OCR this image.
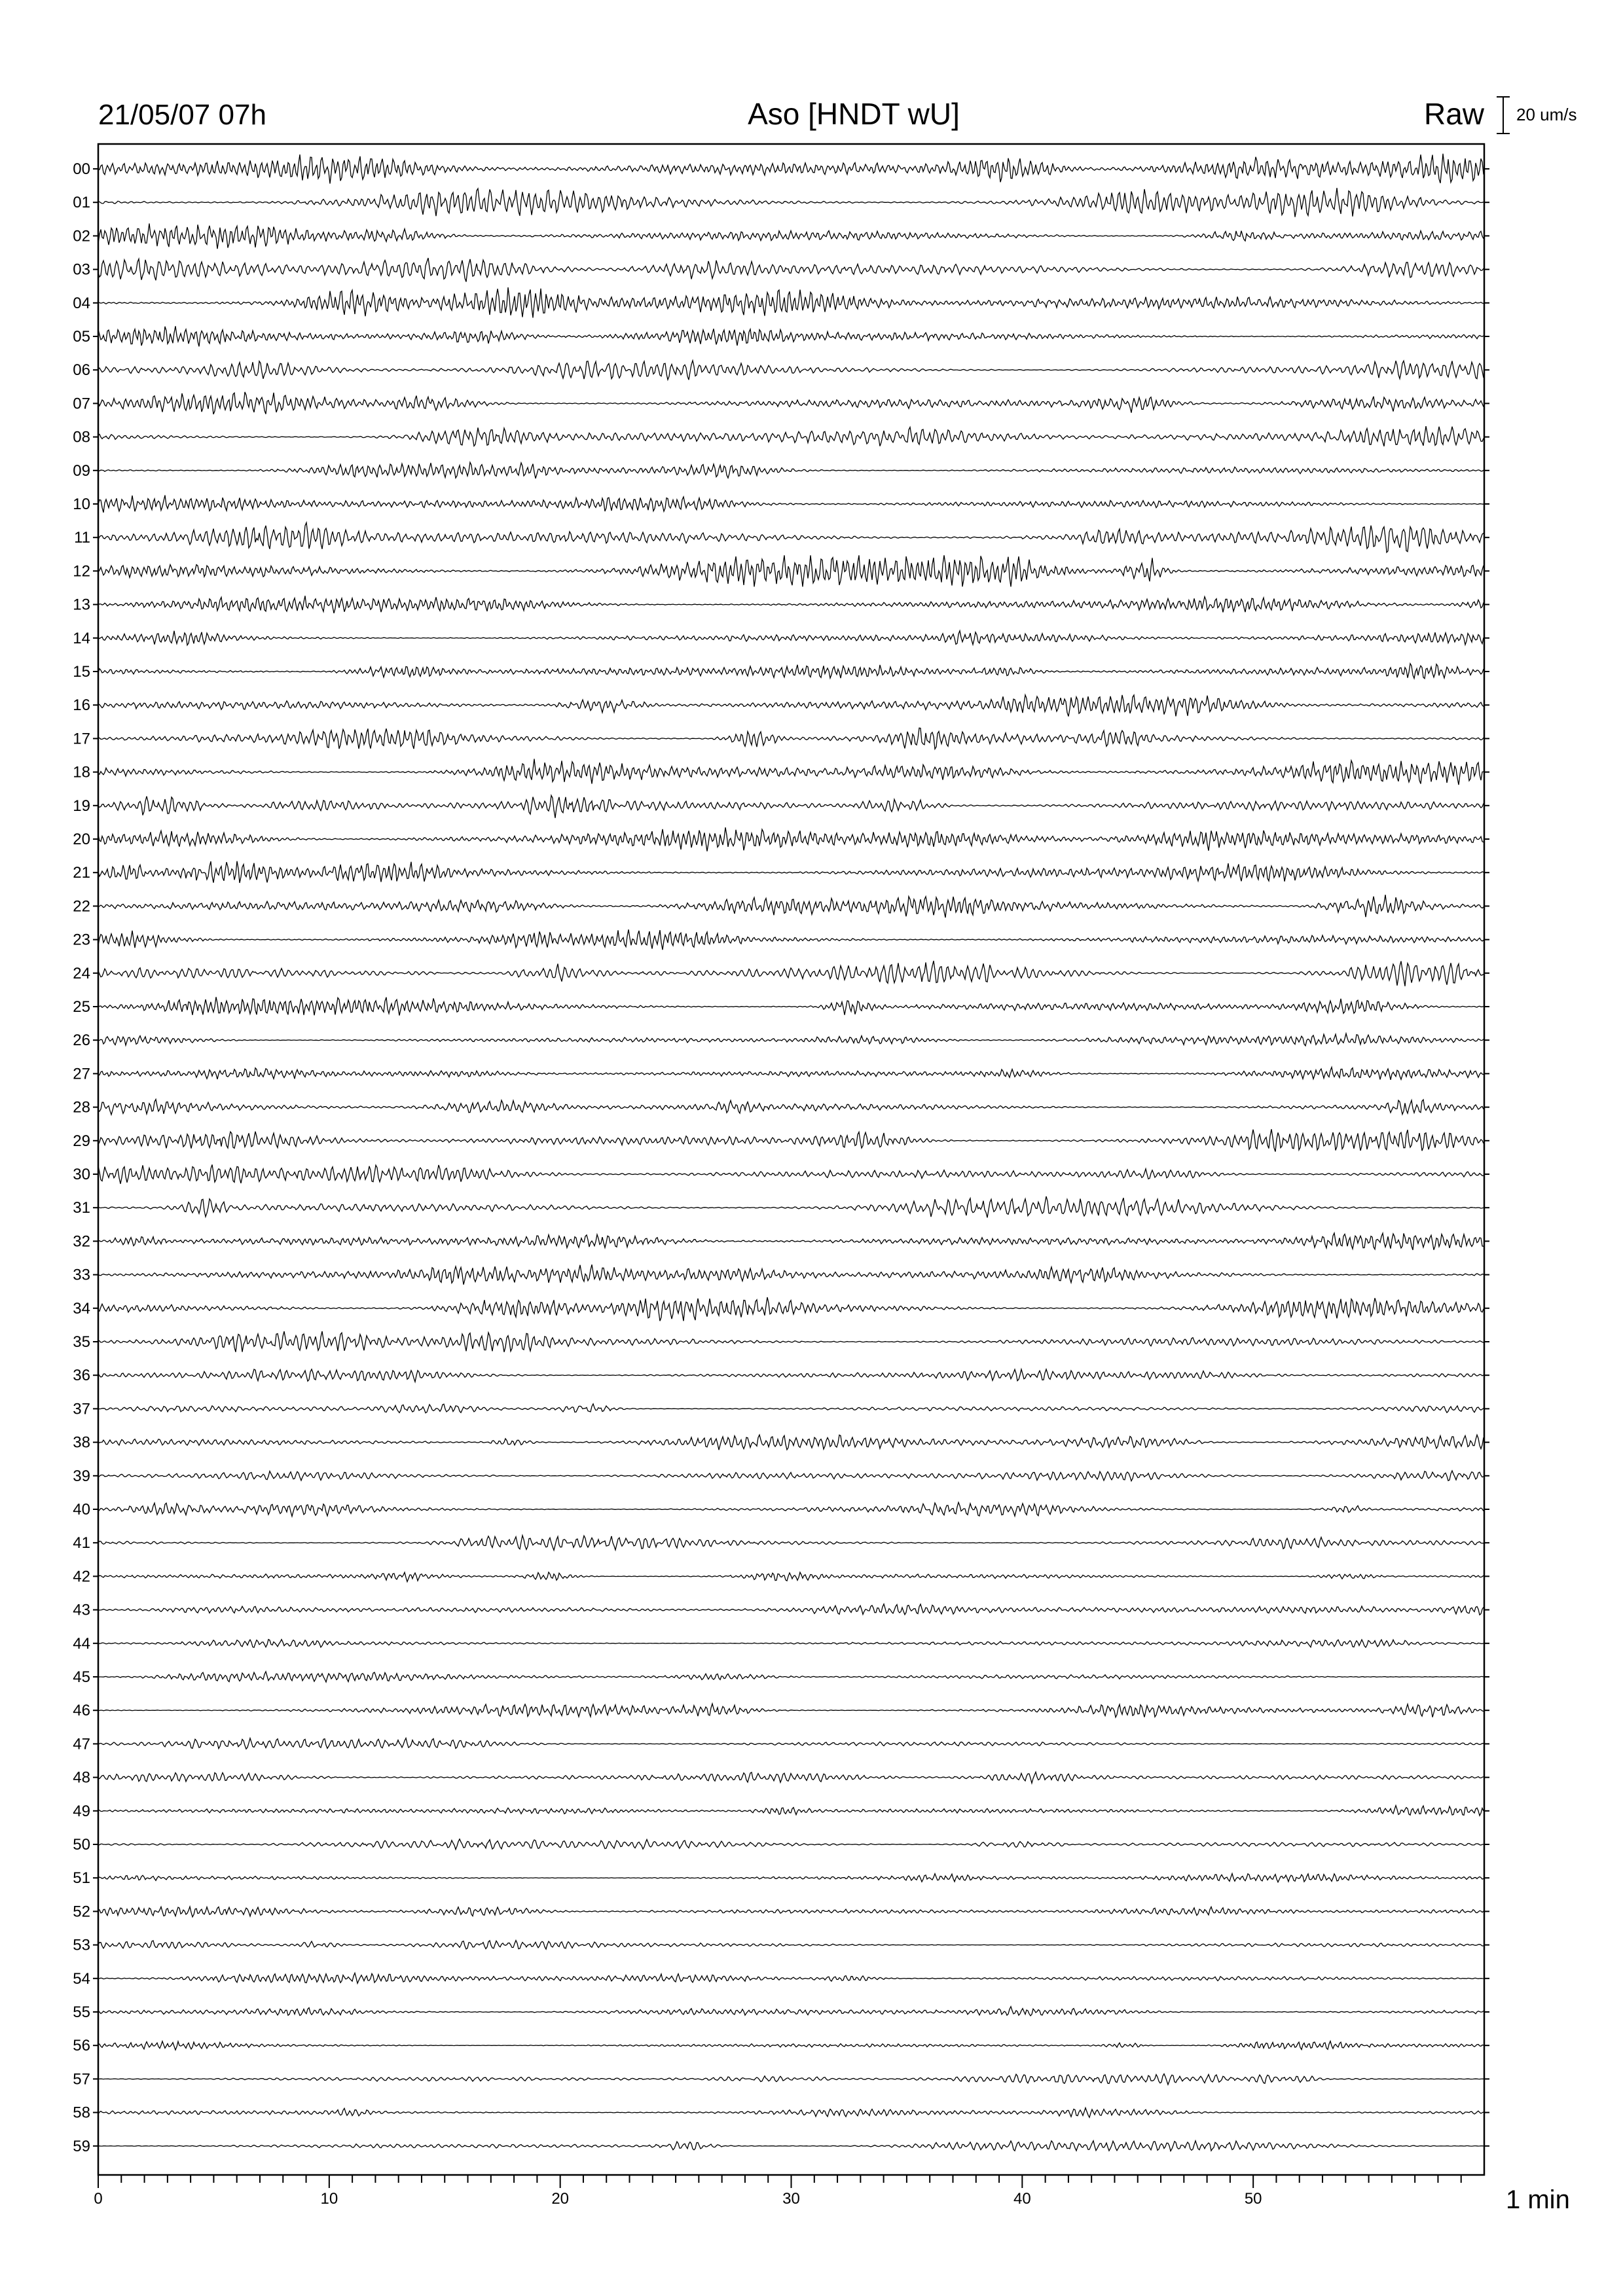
21/05/07 07h	Aso [HNDT wU]	Raw 20 um/s
00
01
02
03
04
05
06
07
08
09
10
11
12
13
14
15
16
17
18
19
20
21
22
23
24
25
26
27
28
29
30
31
32
33
34
35
36
37
38
39
40
41
42
43
44
45
46
47
48
49
50
51
52
53
54
55
56
57
58
59
0	10	20	30	40	50	1 min
